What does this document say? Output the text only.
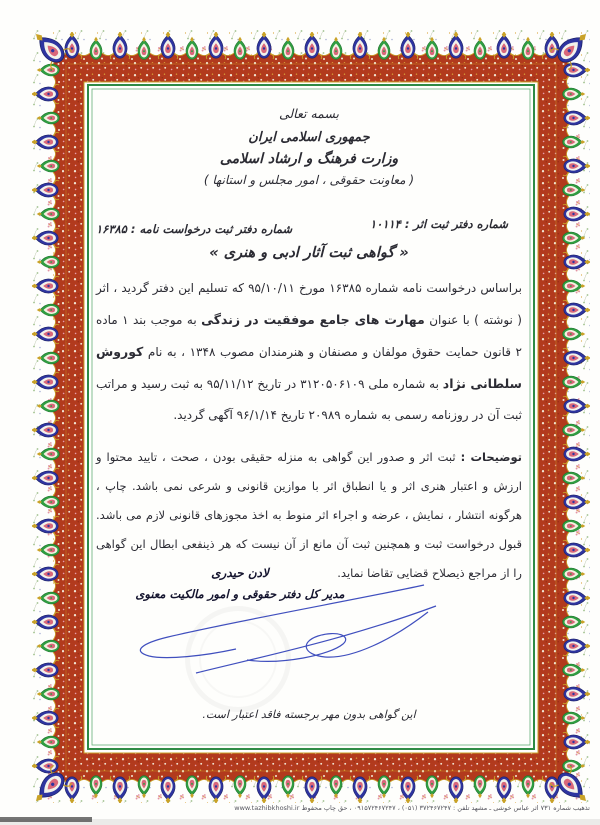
بسمه تعالی
جمهوری اسلامی ایران
وزارت فرهنگ و ارشاد اسلامی
( معاونت حقوقی ، امور مجلس و استانها )
شماره دفتر ثبت اثر : ۱۰۱۱۴
شماره دفتر ثبت درخواست نامه : ۱۶۳۸۵
« گواهی ثبت آثار ادبی و هنری »

براساس درخواست نامه شماره ۱۶۳۸۵ مورخ ۹۵/۱۰/۱۱ که تسلیم این دفتر گردید ، اثر ( نوشته ) با عنوان مهارت های جامع موفقیت در زندگی به موجب بند ۱ ماده ۲ قانون حمایت حقوق مولفان و مصنفان و هنرمندان مصوب ۱۳۴۸ ، به نام کوروش سلطانی نژاد به شماره ملی ۳۱۲۰۵۰۶۱۰۹ در تاریخ ۹۵/۱۱/۱۲ به ثبت رسید و مراتب ثبت آن در روزنامه رسمی به شماره ۲۰۹۸۹ تاریخ ۹۶/۱/۱۴ آگهی گردید.

توضیحات : ثبت اثر و صدور این گواهی به منزله حقیقی بودن ، صحت ، تایید محتوا و ارزش و اعتبار هنری اثر و یا انطباق اثر با موازین قانونی و شرعی نمی باشد. چاپ ، هرگونه انتشار ، نمایش ، عرضه و اجراء اثر منوط به اخذ مجوزهای قانونی لازم می باشد. قبول درخواست ثبت و همچنین ثبت آن مانع از آن نیست که هر ذینفعی ابطال این گواهی را از مراجع ذیصلاح قضایی تقاضا نماید.

لادن حیدری
مدیر کل دفتر حقوقی و امور مالکیت معنوی
این گواهی بدون مهر برجسته فاقد اعتبار است.
تذهیب شماره ۷۳۱ اثر عباس خوشی ـ مشهد تلفن : ۳۷۲۴۶۷۲۴۷ (۰۵۱) ، ۰۹۱۵۷۲۴۶۷۲۴۷ ، حق چاپ محفوظ www.tazhibkhoshi.ir
